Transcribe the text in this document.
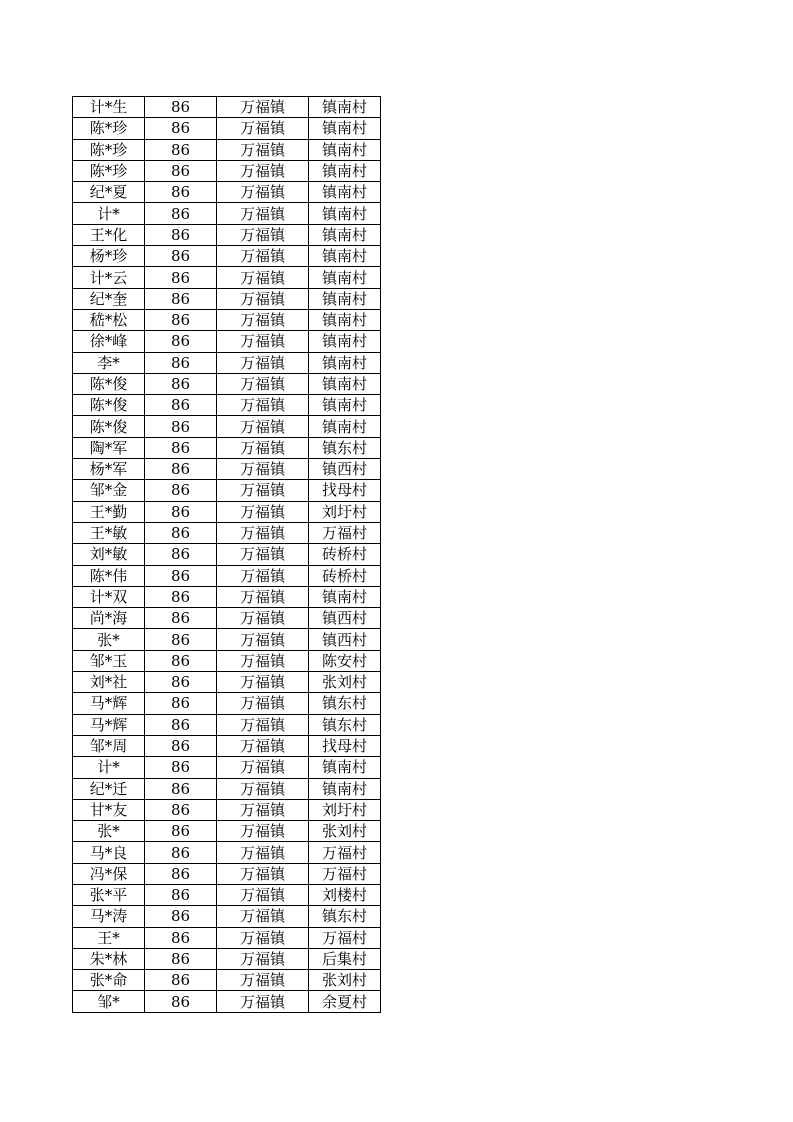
计*生	86	万福镇	镇南村
陈*珍	86	万福镇	镇南村
陈*珍	86	万福镇	镇南村
陈*珍	86	万福镇	镇南村
纪*夏	86	万福镇	镇南村
计*	86	万福镇	镇南村
王*化	86	万福镇	镇南村
杨*珍	86	万福镇	镇南村
计*云	86	万福镇	镇南村
纪*奎	86	万福镇	镇南村
嵇*松	86	万福镇	镇南村
徐*峰	86	万福镇	镇南村
李*	86	万福镇	镇南村
陈*俊	86	万福镇	镇南村
陈*俊	86	万福镇	镇南村
陈*俊	86	万福镇	镇南村
陶*军	86	万福镇	镇东村
杨*军	86	万福镇	镇西村
邹*金	86	万福镇	找母村
王*勤	86	万福镇	刘圩村
王*敏	86	万福镇	万福村
刘*敏	86	万福镇	砖桥村
陈*伟	86	万福镇	砖桥村
计*双	86	万福镇	镇南村
尚*海	86	万福镇	镇西村
张*	86	万福镇	镇西村
邹*玉	86	万福镇	陈安村
刘*社	86	万福镇	张刘村
马*辉	86	万福镇	镇东村
马*辉	86	万福镇	镇东村
邹*周	86	万福镇	找母村
计*	86	万福镇	镇南村
纪*迁	86	万福镇	镇南村
甘*友	86	万福镇	刘圩村
张*	86	万福镇	张刘村
马*良	86	万福镇	万福村
冯*保	86	万福镇	万福村
张*平	86	万福镇	刘楼村
马*涛	86	万福镇	镇东村
王*	86	万福镇	万福村
朱*林	86	万福镇	后集村
张*命	86	万福镇	张刘村
邹*	86	万福镇	余夏村
